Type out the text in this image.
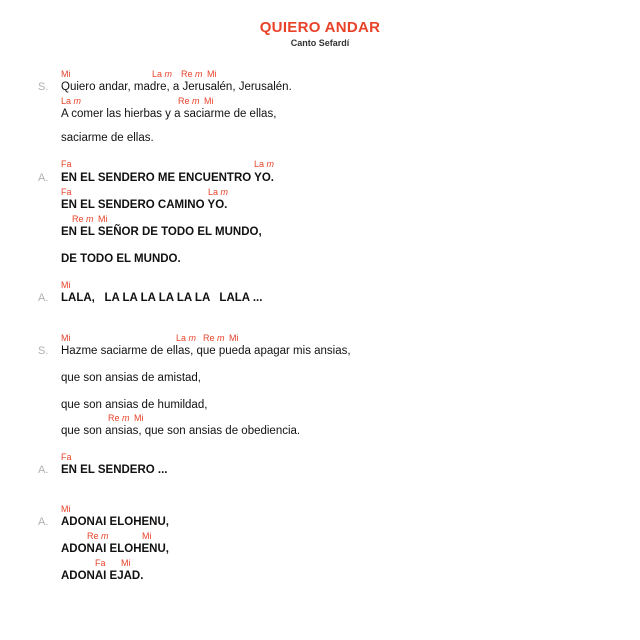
QUIERO ANDAR
Canto Sefardí
Mi	La m Re m Mi
S. Quiero andar, madre, a Jerusalén, Jerusalén.
La m	Re m Mi
A comer las hierbas y a saciarme de ellas,
saciarme de ellas.
Fa	La m
A. EN EL SENDERO ME ENCUENTRO YO.
Fa	La m
EN EL SENDERO CAMINO YO.
Re m Mi
EN EL SEÑOR DE TODO EL MUNDO,
DE TODO EL MUNDO.
Mi
A. LALA,   LA LA LA LA LA LA   LALA ...
Mi	La m Re m Mi
S. Hazme saciarme de ellas, que pueda apagar mis ansias,
que son ansias de amistad,
que son ansias de humildad,
Re m Mi
que son ansias, que son ansias de obediencia.
Fa
A. EN EL SENDERO ...
Mi
A. ADONAI ELOHENU,
Re m	Mi
ADONAI ELOHENU,
Fa Mi
ADONAI EJAD.
